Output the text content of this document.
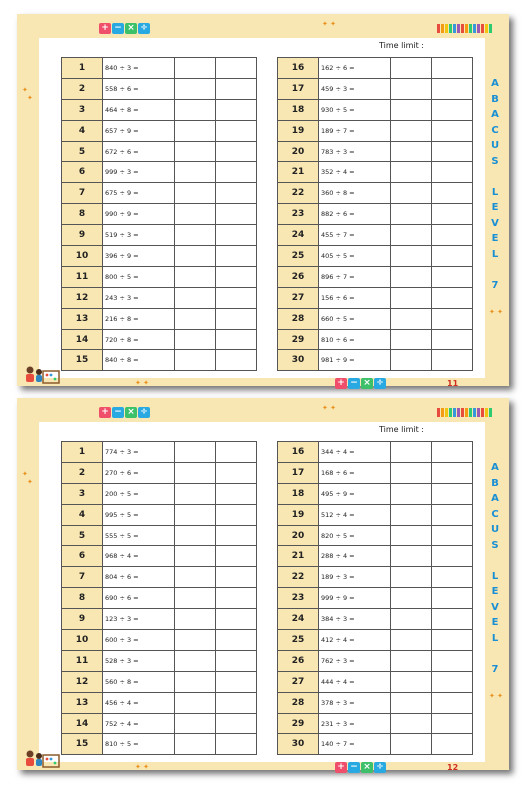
+ − × ÷
✦
✦
✦ ✦
✦ ✦
✦ ✦
Time limit :
1	840 ÷ 3 =		
2	558 ÷ 6 =		
3	464 ÷ 8 =		
4	657 ÷ 9 =		
5	672 ÷ 6 =		
6	999 ÷ 3 =		
7	675 ÷ 9 =		
8	990 ÷ 9 =		
9	519 ÷ 3 =		
10	396 ÷ 9 =		
11	800 ÷ 5 =		
12	243 ÷ 3 =		
13	216 ÷ 8 =		
14	720 ÷ 8 =		
15	840 ÷ 8 =		
16	162 ÷ 6 =		
17	459 ÷ 3 =		
18	930 ÷ 5 =		
19	189 ÷ 7 =		
20	783 ÷ 3 =		
21	352 ÷ 4 =		
22	360 ÷ 8 =		
23	882 ÷ 6 =		
24	455 ÷ 7 =		
25	405 ÷ 5 =		
26	896 ÷ 7 =		
27	156 ÷ 6 =		
28	660 ÷ 5 =		
29	810 ÷ 6 =		
30	981 ÷ 9 =		
A
B
A
C
U
S
L
E
V
E
L
7
+ − × ÷	11
+ − × ÷
✦
✦
✦ ✦
✦ ✦
✦ ✦
Time limit :
1	774 ÷ 3 =		
2	270 ÷ 6 =		
3	200 ÷ 5 =		
4	995 ÷ 5 =		
5	555 ÷ 5 =		
6	968 ÷ 4 =		
7	804 ÷ 6 =		
8	690 ÷ 6 =		
9	123 ÷ 3 =		
10	600 ÷ 3 =		
11	528 ÷ 3 =		
12	560 ÷ 8 =		
13	456 ÷ 4 =		
14	752 ÷ 4 =		
15	810 ÷ 5 =		
16	344 ÷ 4 =		
17	168 ÷ 6 =		
18	495 ÷ 9 =		
19	512 ÷ 4 =		
20	820 ÷ 5 =		
21	288 ÷ 4 =		
22	189 ÷ 3 =		
23	999 ÷ 9 =		
24	384 ÷ 3 =		
25	412 ÷ 4 =		
26	762 ÷ 3 =		
27	444 ÷ 4 =		
28	378 ÷ 3 =		
29	231 ÷ 3 =		
30	140 ÷ 7 =		
A
B
A
C
U
S
L
E
V
E
L
7
+ − × ÷	12
